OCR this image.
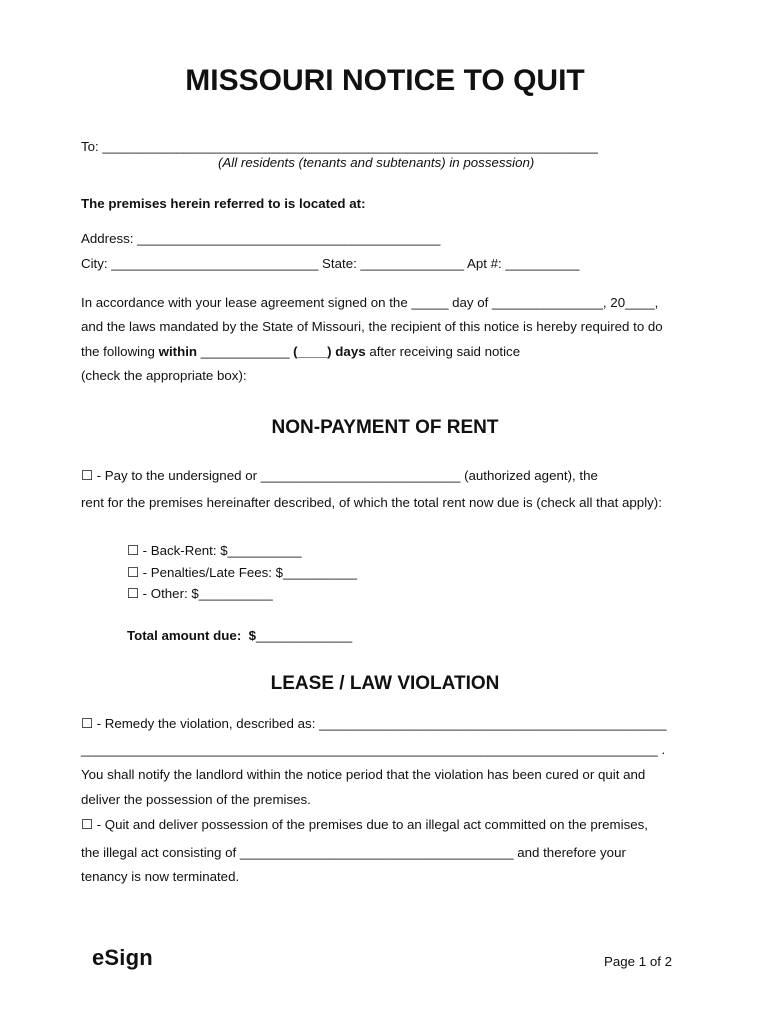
MISSOURI NOTICE TO QUIT
To: ___________________________________________________________________
(All residents (tenants and subtenants) in possession)
The premises herein referred to is located at:
Address: _________________________________________
City: ____________________________ State: ______________ Apt #: __________
In accordance with your lease agreement signed on the _____ day of _______________, 20____,
and the laws mandated by the State of Missouri, the recipient of this notice is hereby required to do
the following within ____________ (____) days after receiving said notice
(check the appropriate box):
NON-PAYMENT OF RENT
☐ - Pay to the undersigned or ___________________________ (authorized agent), the
rent for the premises hereinafter described, of which the total rent now due is (check all that apply):
☐ - Back-Rent: $__________
☐ - Penalties/Late Fees: $__________
☐ - Other: $__________
Total amount due:  $_____________
LEASE / LAW VIOLATION
☐ - Remedy the violation, described as: _______________________________________________
______________________________________________________________________________ .
You shall notify the landlord within the notice period that the violation has been cured or quit and
deliver the possession of the premises.
☐ - Quit and deliver possession of the premises due to an illegal act committed on the premises,
the illegal act consisting of _____________________________________ and therefore your
tenancy is now terminated.
eSign	Page 1 of 2
